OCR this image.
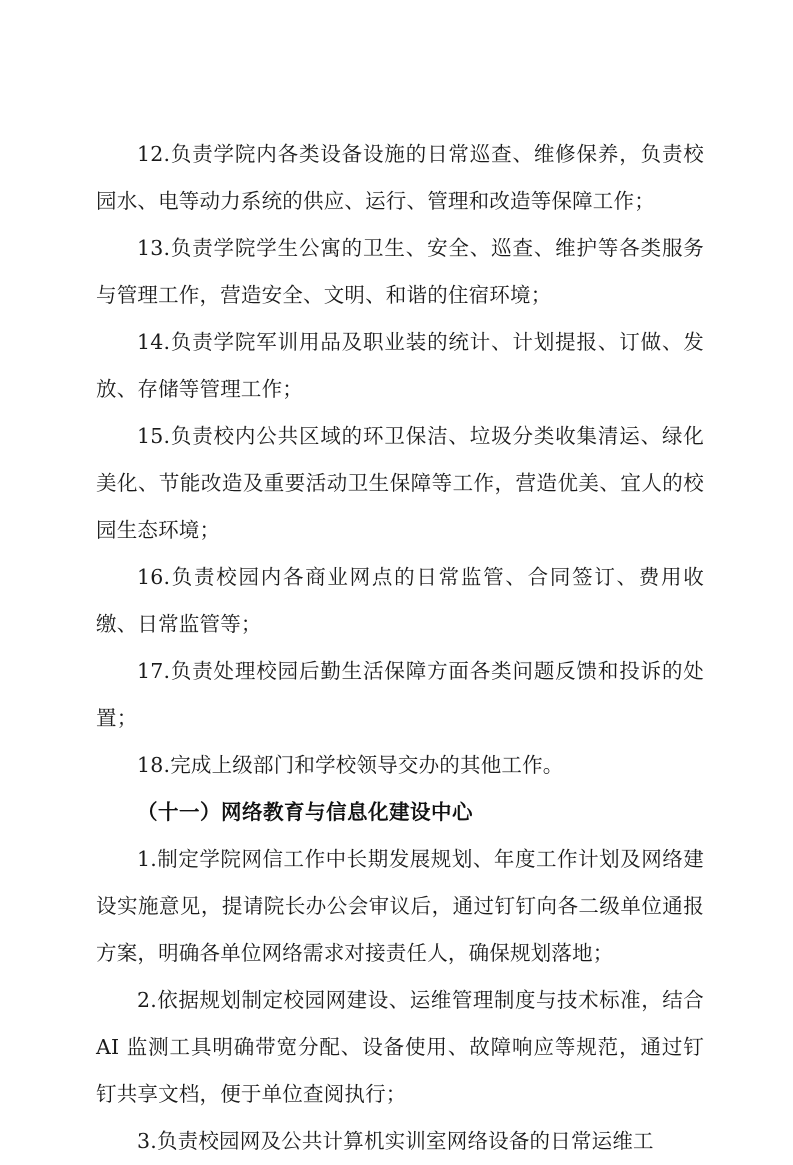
12.负责学院内各类设备设施的日常巡查、维修保养，负责校园水、电等动力系统的供应、运行、管理和改造等保障工作；

13.负责学院学生公寓的卫生、安全、巡查、维护等各类服务与管理工作，营造安全、文明、和谐的住宿环境；

14.负责学院军训用品及职业装的统计、计划提报、订做、发放、存储等管理工作；

15.负责校内公共区域的环卫保洁、垃圾分类收集清运、绿化美化、节能改造及重要活动卫生保障等工作，营造优美、宜人的校园生态环境；

16.负责校园内各商业网点的日常监管、合同签订、费用收缴、日常监管等；

17.负责处理校园后勤生活保障方面各类问题反馈和投诉的处置；

18.完成上级部门和学校领导交办的其他工作。

（十一）网络教育与信息化建设中心

1.制定学院网信工作中长期发展规划、年度工作计划及网络建设实施意见，提请院长办公会审议后，通过钉钉向各二级单位通报方案，明确各单位网络需求对接责任人，确保规划落地；

2.依据规划制定校园网建设、运维管理制度与技术标准，结合 AI 监测工具明确带宽分配、设备使用、故障响应等规范，通过钉钉共享文档，便于单位查阅执行；

3.负责校园网及公共计算机实训室网络设备的日常运维工
